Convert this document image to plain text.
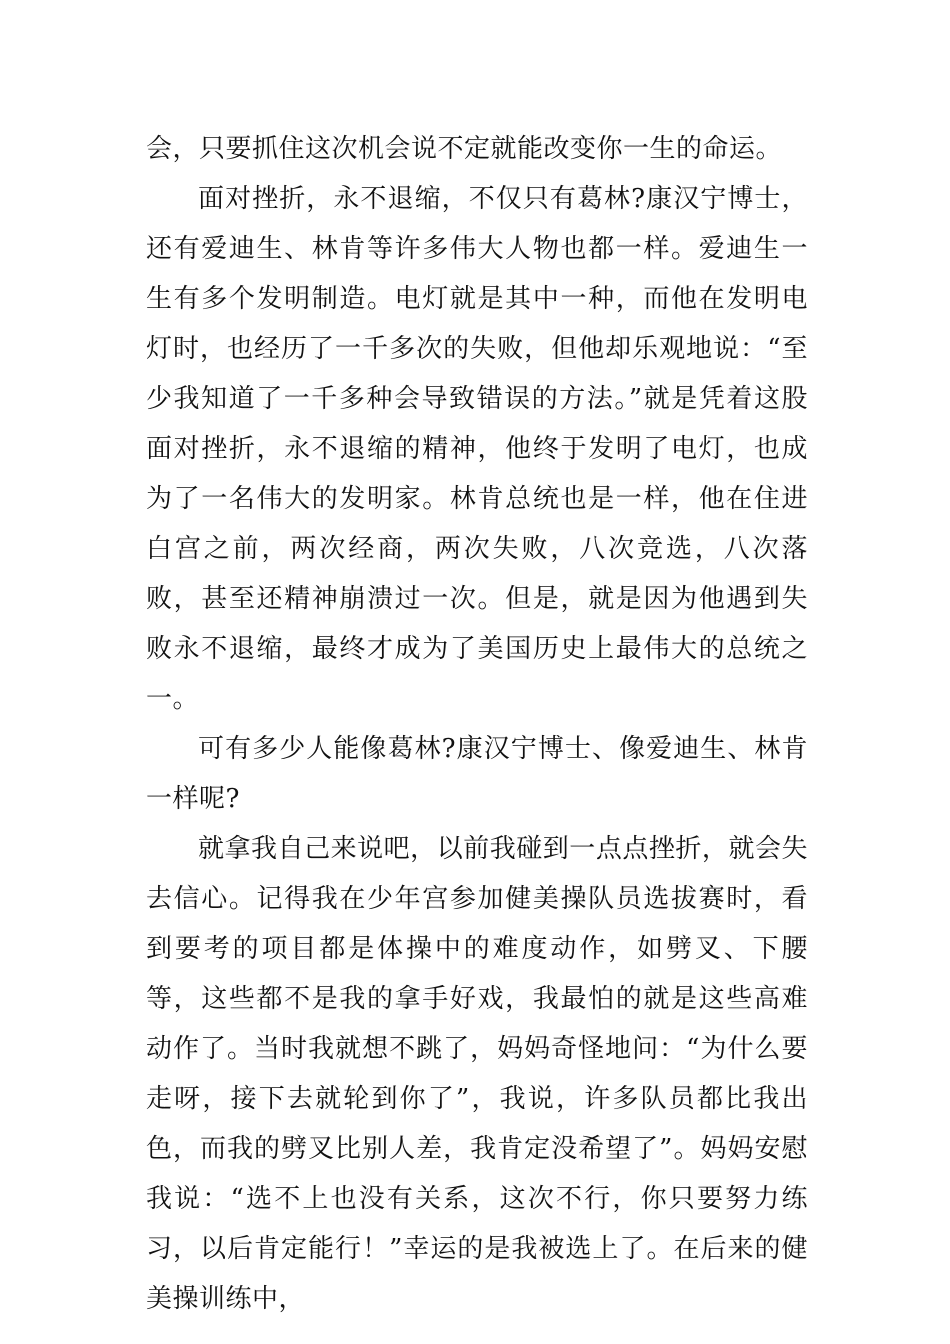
会，只要抓住这次机会说不定就能改变你一生的命运。

面对挫折，永不退缩，不仅只有葛林?康汉宁博士，还有爱迪生、林肯等许多伟大人物也都一样。爱迪生一生有多个发明制造。电灯就是其中一种，而他在发明电灯时，也经历了一千多次的失败，但他却乐观地说：“至少我知道了一千多种会导致错误的方法。”就是凭着这股面对挫折，永不退缩的精神，他终于发明了电灯，也成为了一名伟大的发明家。林肯总统也是一样，他在住进白宫之前，两次经商，两次失败，八次竞选，八次落败，甚至还精神崩溃过一次。但是，就是因为他遇到失败永不退缩，最终才成为了美国历史上最伟大的总统之一。

可有多少人能像葛林?康汉宁博士、像爱迪生、林肯一样呢?

就拿我自己来说吧，以前我碰到一点点挫折，就会失去信心。记得我在少年宫参加健美操队员选拔赛时，看到要考的项目都是体操中的难度动作，如劈叉、下腰等，这些都不是我的拿手好戏，我最怕的就是这些高难动作了。当时我就想不跳了，妈妈奇怪地问：“为什么要走呀，接下去就轮到你了”，我说，许多队员都比我出色，而我的劈叉比别人差，我肯定没希望了”。妈妈安慰我说：“选不上也没有关系，这次不行，你只要努力练习，以后肯定能行！”幸运的是我被选上了。在后来的健美操训练中，
